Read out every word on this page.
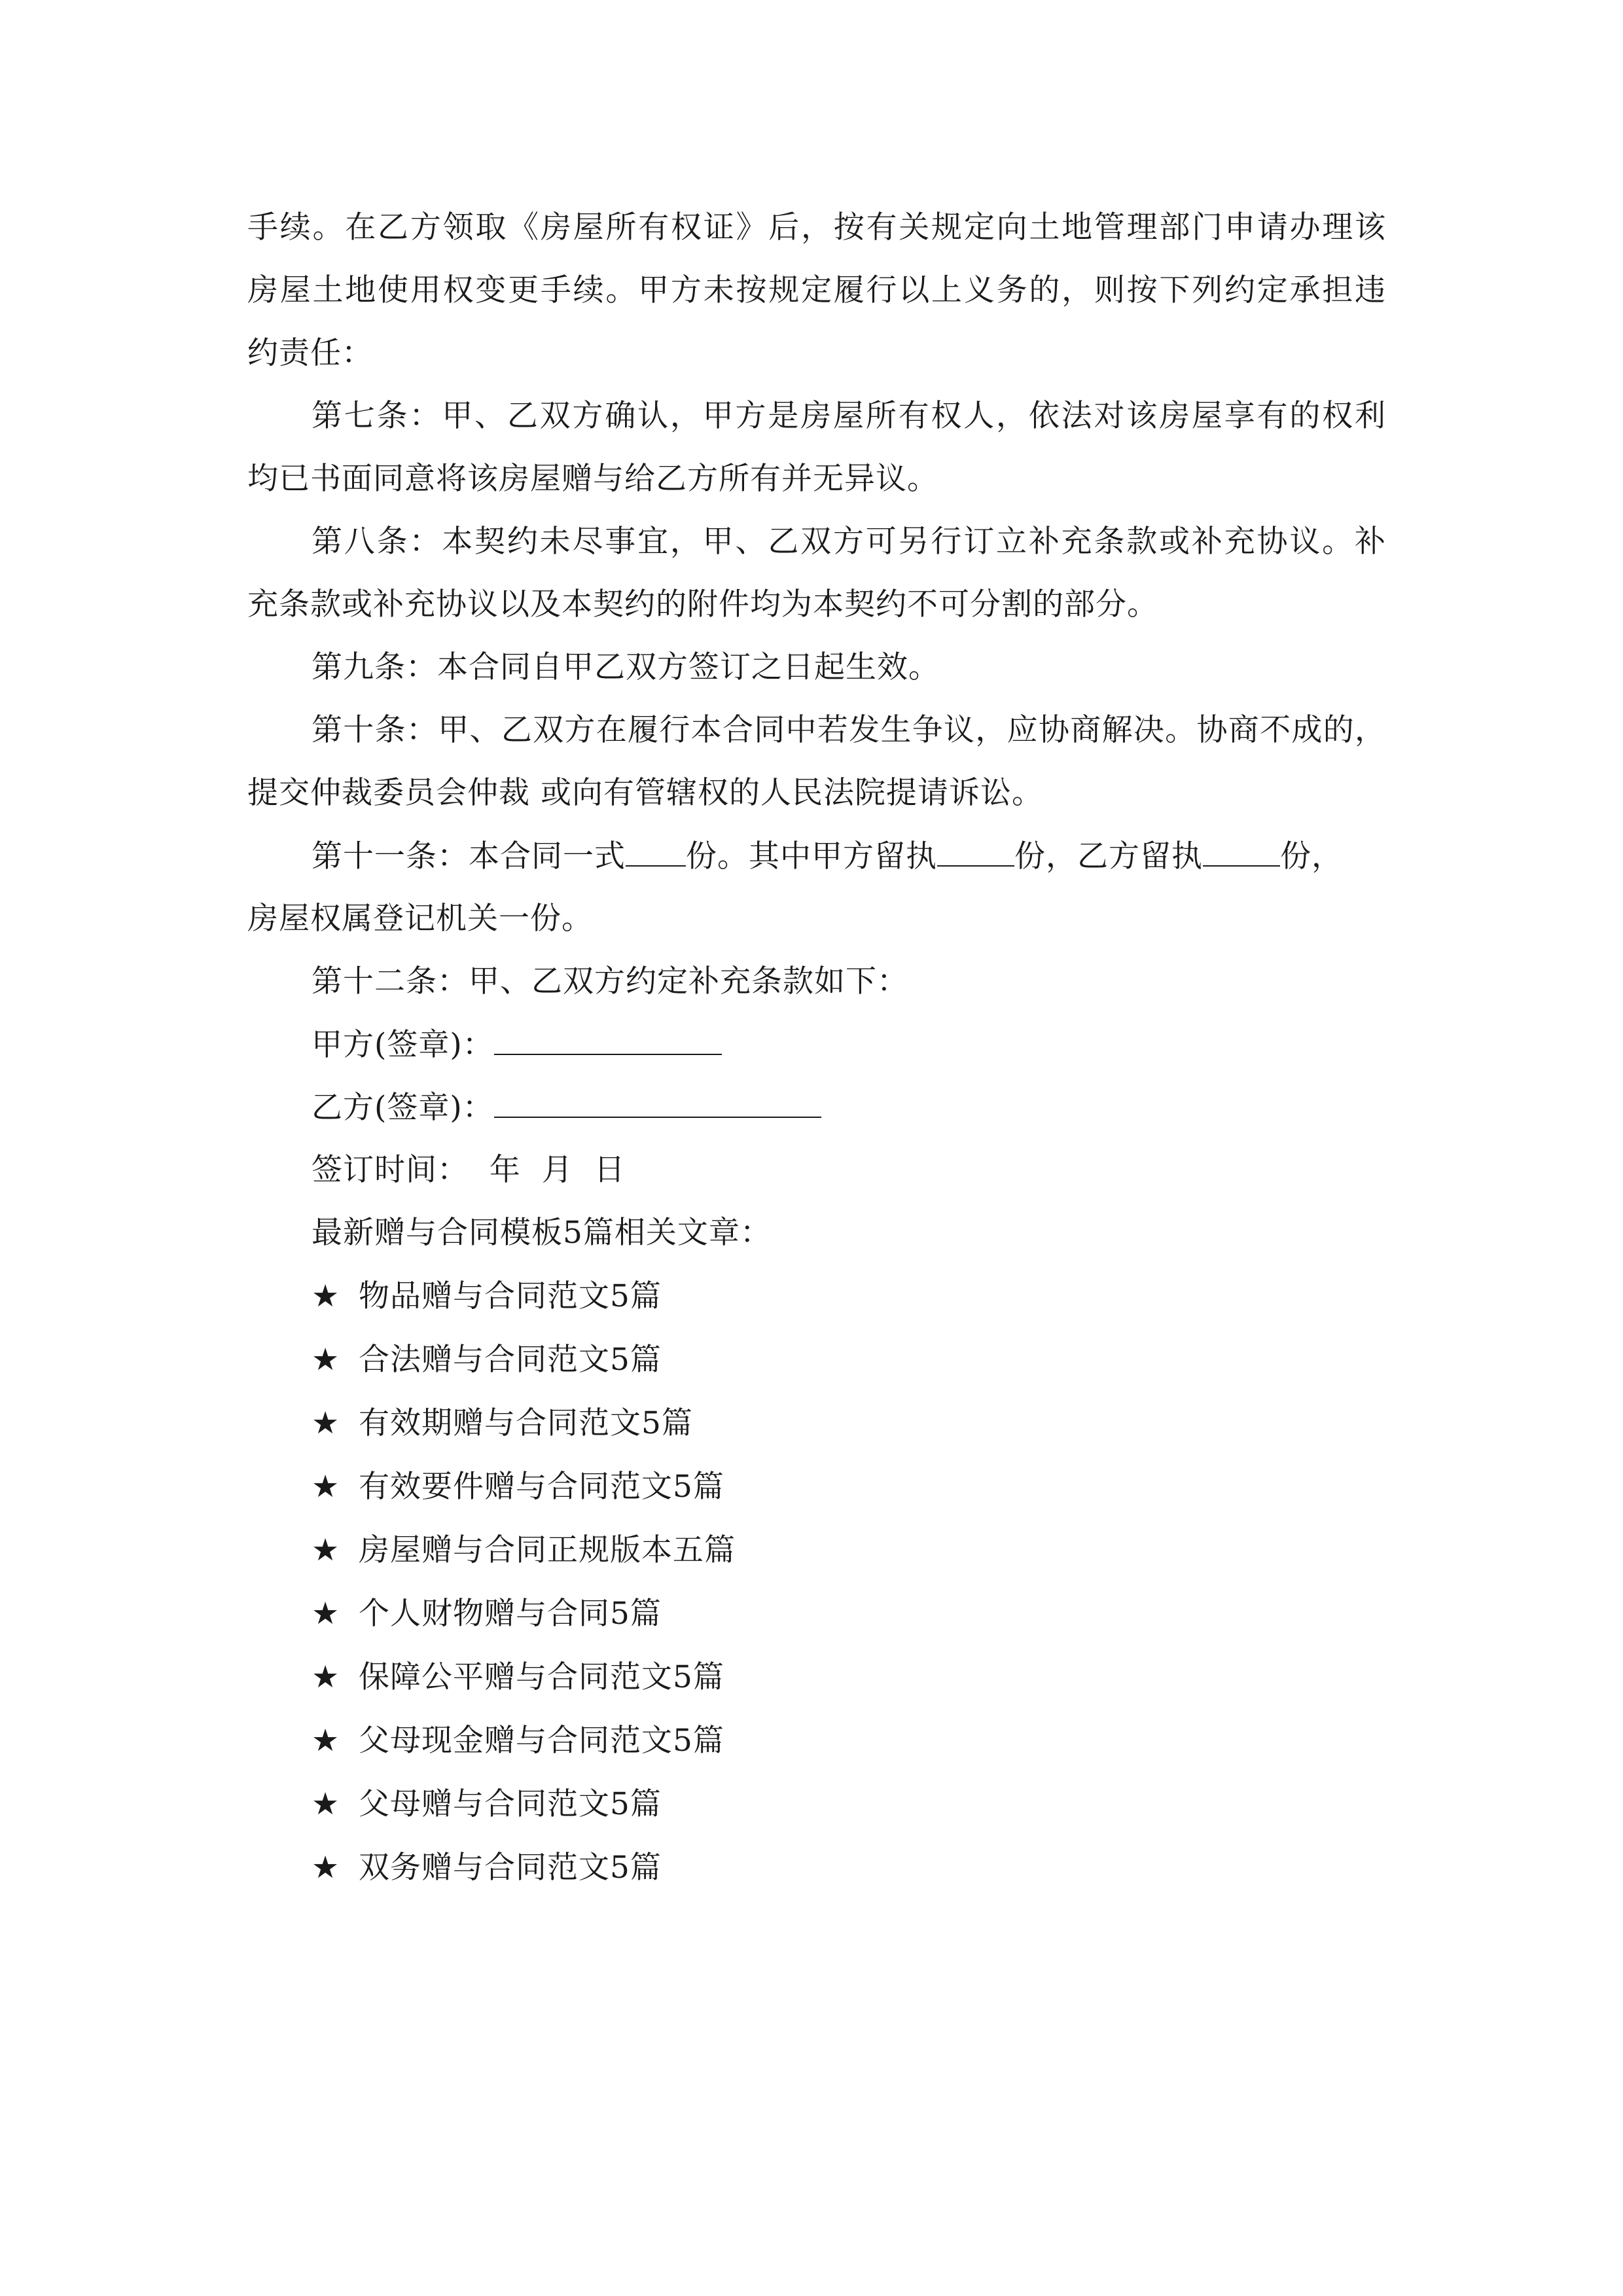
手续。在乙方领取《房屋所有权证》后，按有关规定向土地管理部门申请办理该
房屋土地使用权变更手续。甲方未按规定履行以上义务的，则按下列约定承担违
约责任：
第七条：甲、乙双方确认，甲方是房屋所有权人，依法对该房屋享有的权利
均已书面同意将该房屋赠与给乙方所有并无异议。
第八条：本契约未尽事宜，甲、乙双方可另行订立补充条款或补充协议。补
充条款或补充协议以及本契约的附件均为本契约不可分割的部分。
第九条：本合同自甲乙双方签订之日起生效。
第十条：甲、乙双方在履行本合同中若发生争议，应协商解决。协商不成的，
提交仲裁委员会仲裁 或向有管辖权的人民法院提请诉讼。
第十一条：本合同一式 份。其中甲方留执	份，乙方留执	份，
房屋权属登记机关一份。
第十二条：甲、乙双方约定补充条款如下：
甲方(签章)：
乙方(签章)：
签订时间：  年  月  日
最新赠与合同模板5篇相关文章：
★ 物品赠与合同范文5篇
★ 合法赠与合同范文5篇
★ 有效期赠与合同范文5篇
★ 有效要件赠与合同范文5篇
★ 房屋赠与合同正规版本五篇
★ 个人财物赠与合同5篇
★ 保障公平赠与合同范文5篇
★ 父母现金赠与合同范文5篇
★ 父母赠与合同范文5篇
★ 双务赠与合同范文5篇
